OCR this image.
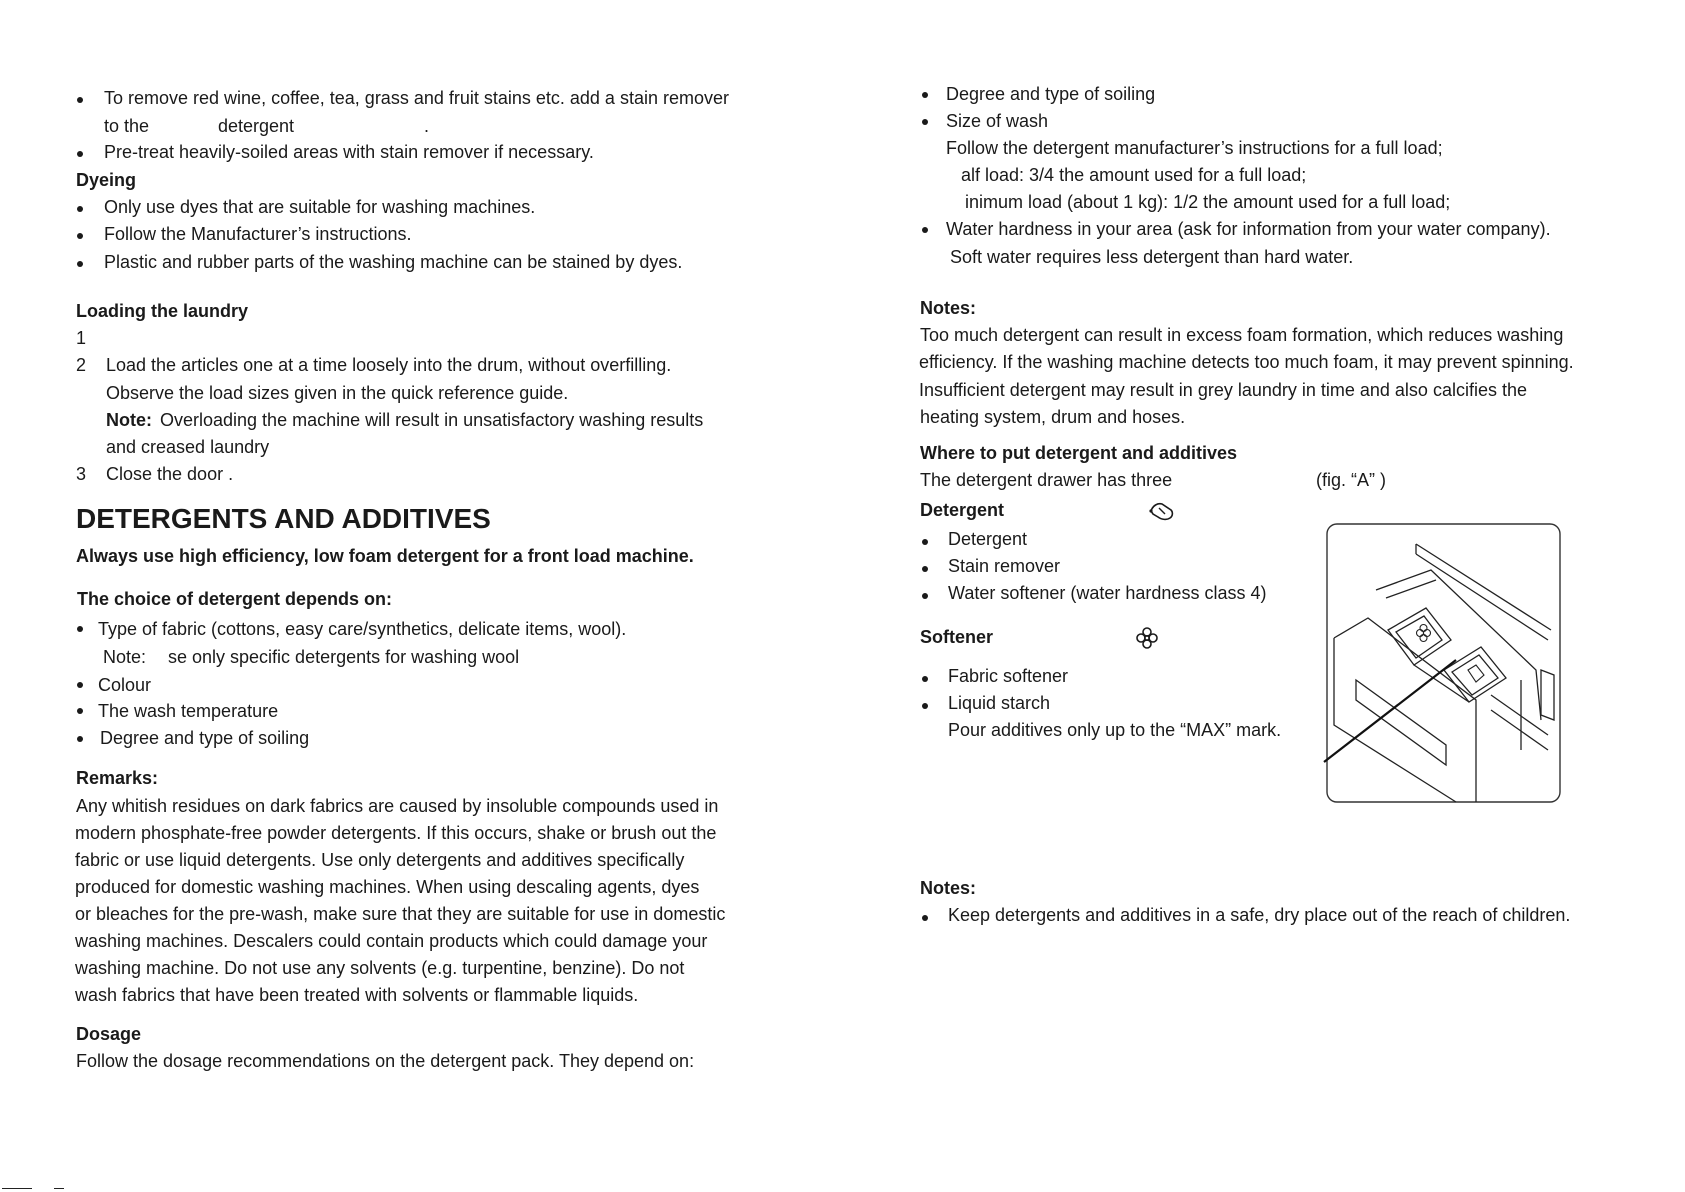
To remove red wine, coffee, tea, grass and fruit stains etc. add a stain remover
to the	detergent	.
Pre-treat heavily-soiled areas with stain remover if necessary.
Dyeing
Only use dyes that are suitable for washing machines.
Follow the Manufacturer’s instructions.
Plastic and rubber parts of the washing machine can be stained by dyes.
Loading the laundry
1
2 Load the articles one at a time loosely into the drum, without overfilling.
Observe the load sizes given in the quick reference guide.
Note: Overloading the machine will result in unsatisfactory washing results
and creased laundry
3 Close the door .
DETERGENTS AND ADDITIVES
Always use high efficiency, low foam detergent for a front load machine.
The choice of detergent depends on:
Type of fabric (cottons, easy care/synthetics, delicate items, wool).
Note: se only specific detergents for washing wool
Colour
The wash temperature
Degree and type of soiling
Remarks:
Any whitish residues on dark fabrics are caused by insoluble compounds used in
modern phosphate-free powder detergents. If this occurs, shake or brush out the
fabric or use liquid detergents. Use only detergents and additives specifically
produced for domestic washing machines. When using descaling agents, dyes
or bleaches for the pre-wash, make sure that they are suitable for use in domestic
washing machines. Descalers could contain products which could damage your
washing machine. Do not use any solvents (e.g. turpentine, benzine). Do not
wash fabrics that have been treated with solvents or flammable liquids.
Dosage
Follow the dosage recommendations on the detergent pack. They depend on:
Degree and type of soiling
Size of wash
Follow the detergent manufacturer’s instructions for a full load;
alf load: 3/4 the amount used for a full load;
inimum load (about 1 kg): 1/2 the amount used for a full load;
Water hardness in your area (ask for information from your water company).
Soft water requires less detergent than hard water.
Notes:
Too much detergent can result in excess foam formation, which reduces washing
efficiency. If the washing machine detects too much foam, it may prevent spinning.
Insufficient detergent may result in grey laundry in time and also calcifies the
heating system, drum and hoses.
Where to put detergent and additives
The detergent drawer has three	(fig. “A” )
Detergent
Detergent
Stain remover
Water softener (water hardness class 4)
Softener
Fabric softener
Liquid starch
Pour additives only up to the “MAX” mark.
Notes:
Keep detergents and additives in a safe, dry place out of the reach of children.
